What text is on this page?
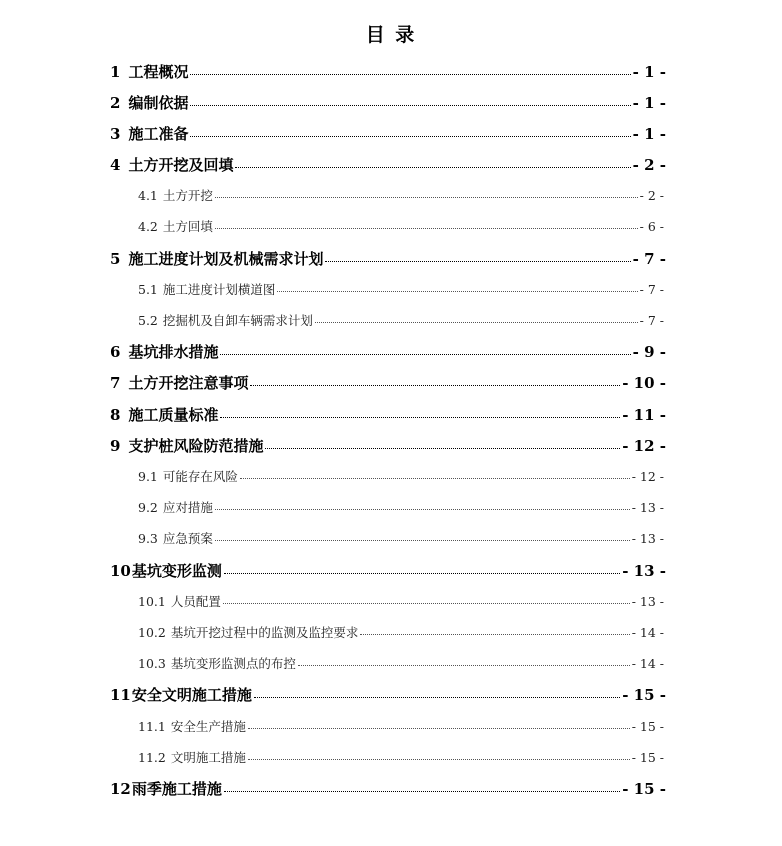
目 录
1 工程概况	- 1 -
2 编制依据	- 1 -
3 施工准备	- 1 -
4 土方开挖及回填	- 2 -
4.1 土方开挖	- 2 -
4.2 土方回填	- 6 -
5 施工进度计划及机械需求计划	- 7 -
5.1 施工进度计划横道图	- 7 -
5.2 挖掘机及自卸车辆需求计划	- 7 -
6 基坑排水措施	- 9 -
7 土方开挖注意事项	- 10 -
8 施工质量标准	- 11 -
9 支护桩风险防范措施	- 12 -
9.1 可能存在风险	- 12 -
9.2 应对措施	- 13 -
9.3 应急预案	- 13 -
10 基坑变形监测	- 13 -
10.1 人员配置	- 13 -
10.2 基坑开挖过程中的监测及监控要求	- 14 -
10.3 基坑变形监测点的布控	- 14 -
11 安全文明施工措施	- 15 -
11.1 安全生产措施	- 15 -
11.2 文明施工措施	- 15 -
12 雨季施工措施	- 15 -
